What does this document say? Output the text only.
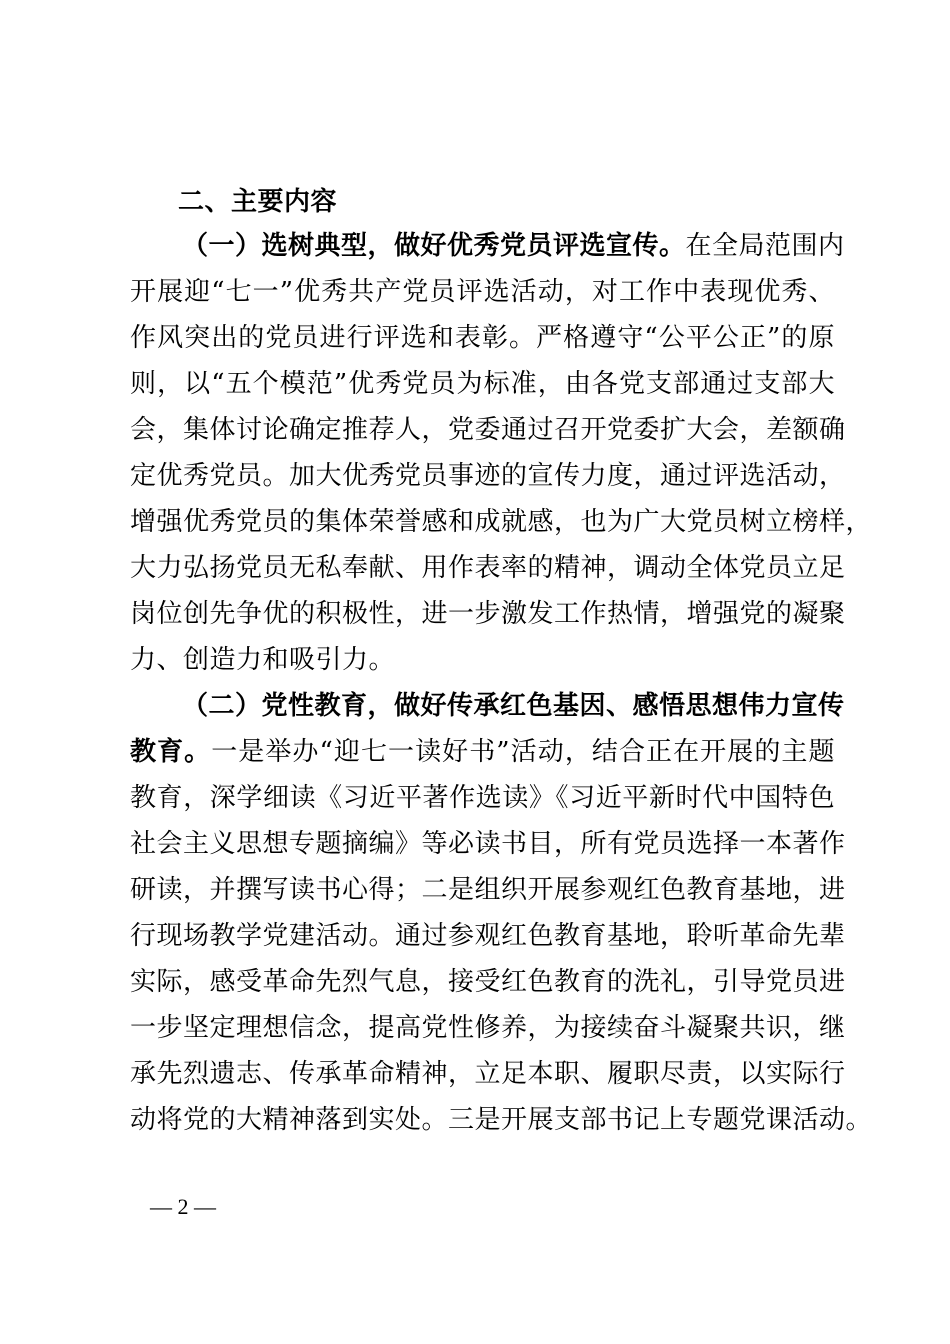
二、主要内容
（一）选树典型，做好优秀党员评选宣传。在全局范围内
开展迎“七一”优秀共产党员评选活动，对工作中表现优秀、
作风突出的党员进行评选和表彰。严格遵守“公平公正”的原
则，以“五个模范”优秀党员为标准，由各党支部通过支部大
会，集体讨论确定推荐人，党委通过召开党委扩大会，差额确
定优秀党员。加大优秀党员事迹的宣传力度，通过评选活动，
增强优秀党员的集体荣誉感和成就感，也为广大党员树立榜样，
大力弘扬党员无私奉献、用作表率的精神，调动全体党员立足
岗位创先争优的积极性，进一步激发工作热情，增强党的凝聚
力、创造力和吸引力。
（二）党性教育，做好传承红色基因、感悟思想伟力宣传
教育。一是举办“迎七一读好书”活动，结合正在开展的主题
教育，深学细读《习近平著作选读》《习近平新时代中国特色
社会主义思想专题摘编》等必读书目，所有党员选择一本著作
研读，并撰写读书心得；二是组织开展参观红色教育基地，进
行现场教学党建活动。通过参观红色教育基地，聆听革命先辈
实际，感受革命先烈气息，接受红色教育的洗礼，引导党员进
一步坚定理想信念，提高党性修养，为接续奋斗凝聚共识，继
承先烈遗志、传承革命精神，立足本职、履职尽责，以实际行
动将党的大精神落到实处。三是开展支部书记上专题党课活动。
— 2 —
